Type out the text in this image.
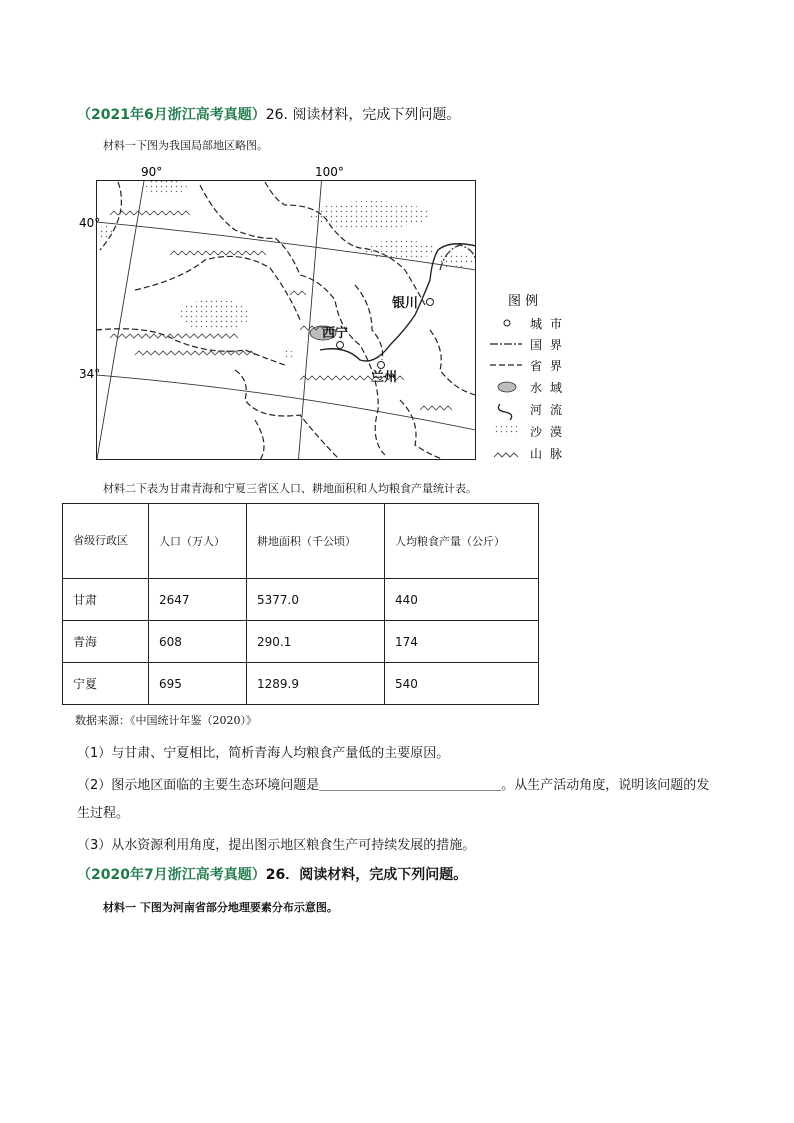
（2021年6月浙江高考真题）26. 阅读材料，完成下列问题。
材料一下图为我国局部地区略图。
银川
西宁
兰州
90°	100°
40°
34°
图 例
城市
国界
省界
水域
河流
沙漠
山脉
材料二下表为甘肃青海和宁夏三省区人口、耕地面积和人均粮食产量统计表。
省级行政区	人口（万人）	耕地面积（千公顷）	人均粮食产量（公斤）
甘肃	2647	5377.0	440
青海	608	290.1	174
宁夏	695	1289.9	540
数据来源：《中国统计年鉴（2020）》
（1）与甘肃、宁夏相比，简析青海人均粮食产量低的主要原因。
（2）图示地区面临的主要生态环境问题是＿＿＿＿＿＿＿＿＿＿＿＿＿＿。从生产活动角度，说明该问题的发
生过程。
（3）从水资源利用角度，提出图示地区粮食生产可持续发展的措施。
（2020年7月浙江高考真题）26．阅读材料，完成下列问题。
材料一 下图为河南省部分地理要素分布示意图。
